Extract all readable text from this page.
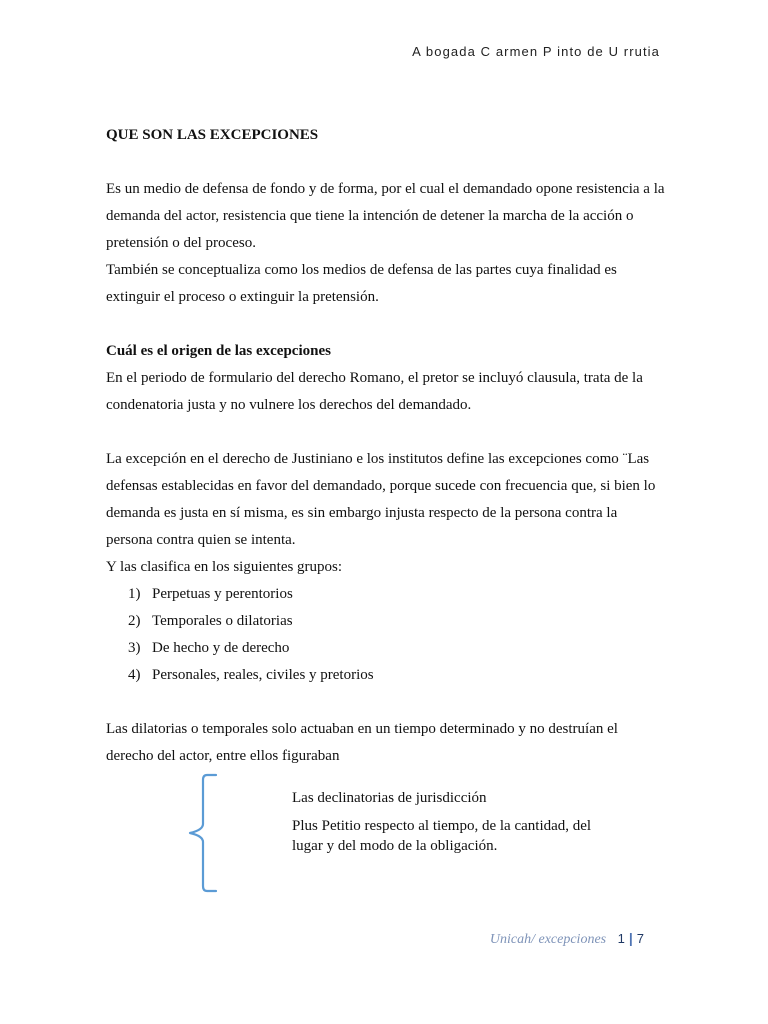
A bogada C armen P into de U rrutia

QUE SON LAS EXCEPCIONES

Es un medio de defensa de fondo y de forma, por el cual el demandado opone resistencia a la demanda del actor, resistencia que tiene la intención de detener la marcha de la acción o pretensión o del proceso.

También se conceptualiza como los medios de defensa de las partes cuya finalidad es extinguir el proceso o extinguir la pretensión.

Cuál es el origen de las excepciones

En el periodo de formulario del derecho Romano, el pretor se incluyó clausula, trata de la condenatoria justa y no vulnere los derechos del demandado.

La excepción en el derecho de Justiniano e los institutos define las excepciones como ¨Las defensas establecidas en favor del demandado, porque sucede con frecuencia que, si bien lo demanda es justa en sí misma, es sin embargo injusta respecto de la persona contra la persona contra quien se intenta.

Y las clasifica en los siguientes grupos:

1) Perpetuas y perentorios
2) Temporales o dilatorias
3) De hecho y de derecho
4) Personales, reales, civiles y pretorios

Las dilatorias o temporales solo actuaban en un tiempo determinado y no destruían el derecho del actor, entre ellos figuraban

Las declinatorias de jurisdicción
Plus Petitio respecto al tiempo, de la cantidad, del lugar y del modo de la obligación.
Unicah/ excepciones 1 | 7
